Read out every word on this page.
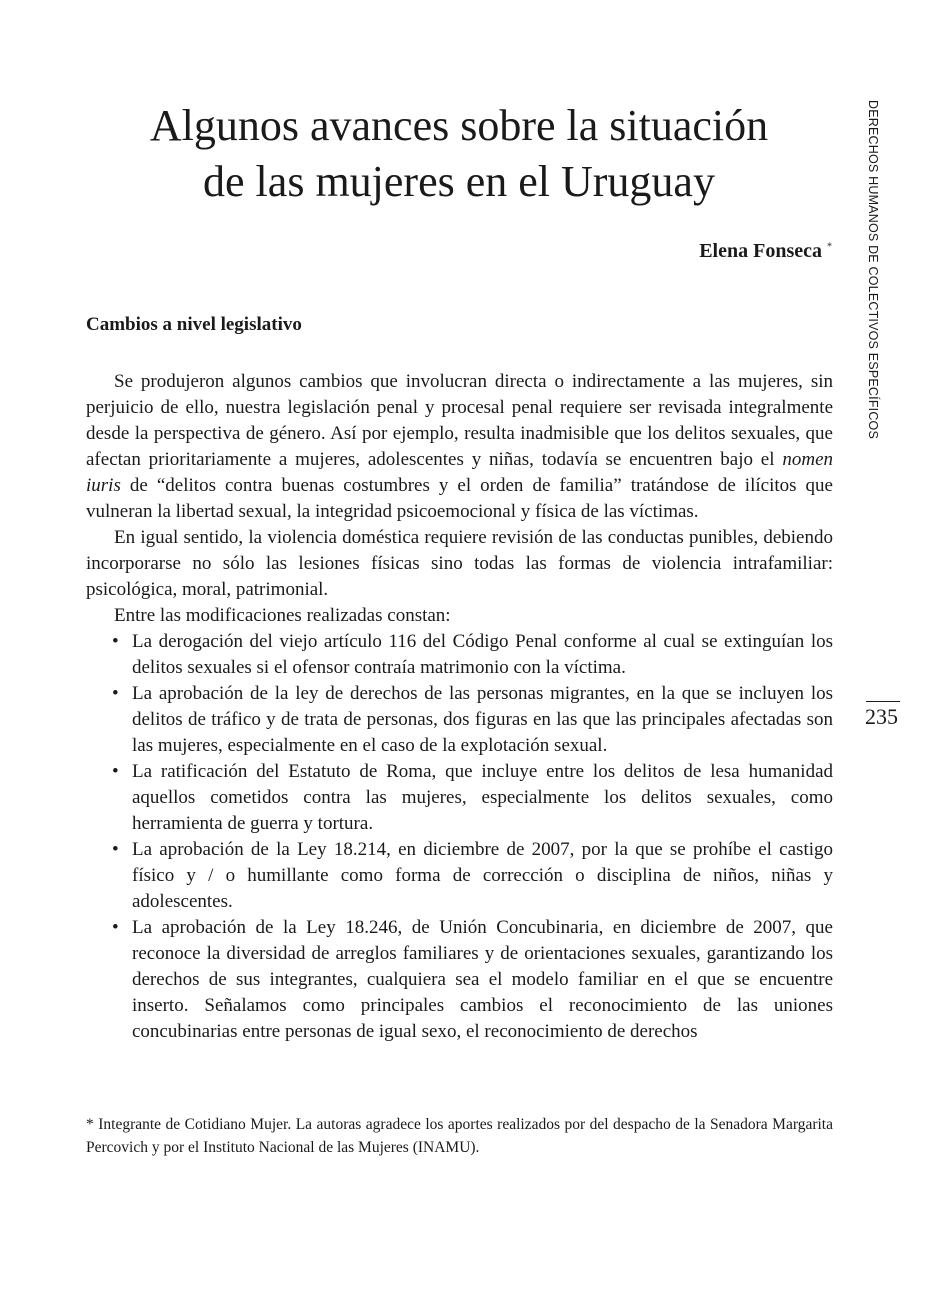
Algunos avances sobre la situación
de las mujeres en el Uruguay
Elena Fonseca *
Cambios a nivel legislativo

Se produjeron algunos cambios que involucran directa o indirectamente a las mujeres, sin perjuicio de ello, nuestra legislación penal y procesal penal requiere ser revisada integralmente desde la perspectiva de género. Así por ejemplo, resulta inadmisible que los delitos sexuales, que afectan prioritariamente a mujeres, adolescentes y niñas, todavía se encuentren bajo el nomen iuris de “delitos contra buenas costumbres y el orden de familia” tratándose de ilícitos que vulneran la libertad sexual, la integridad psicoemocional y física de las víctimas.

En igual sentido, la violencia doméstica requiere revisión de las conductas punibles, debiendo incorporarse no sólo las lesiones físicas sino todas las formas de violencia intrafamiliar: psicológica, moral, patrimonial.

Entre las modificaciones realizadas constan:

• La derogación del viejo artículo 116 del Código Penal conforme al cual se extinguían los delitos sexuales si el ofensor contraía matrimonio con la víctima.
• La aprobación de la ley de derechos de las personas migrantes, en la que se incluyen los delitos de tráfico y de trata de personas, dos figuras en las que las principales afectadas son las mujeres, especialmente en el caso de la explotación sexual.
• La ratificación del Estatuto de Roma, que incluye entre los delitos de lesa humanidad aquellos cometidos contra las mujeres, especialmente los delitos sexuales, como herramienta de guerra y tortura.
• La aprobación de la Ley 18.214, en diciembre de 2007, por la que se prohíbe el castigo físico y / o humillante como forma de corrección o disciplina de niños, niñas y adolescentes.
• La aprobación de la Ley 18.246, de Unión Concubinaria, en diciembre de 2007, que reconoce la diversidad de arreglos familiares y de orientaciones sexuales, garantizando los derechos de sus integrantes, cualquiera sea el modelo familiar en el que se encuentre inserto. Señalamos como principales cambios el reconocimiento de las uniones concubinarias entre personas de igual sexo, el reconocimiento de derechos
* Integrante de Cotidiano Mujer. La autoras agradece los aportes realizados por del despacho de la Senadora Margarita Percovich y por el Instituto Nacional de las Mujeres (INAMU).
DERECHOS HUMANOS DE COLECTIVOS ESPECÍFICOS
235
